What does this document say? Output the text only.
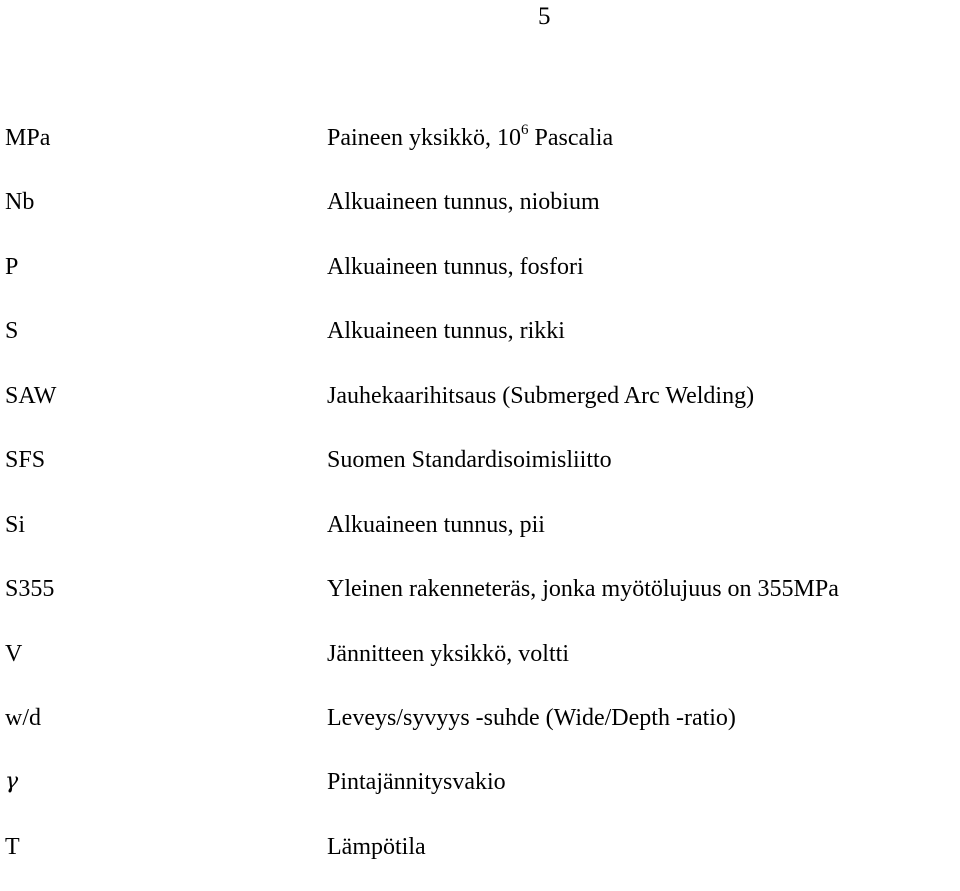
5
MPa	Paineen yksikkö, $10^6$ Pascalia
Nb	Alkuaineen tunnus, niobium
P	Alkuaineen tunnus, fosfori
S	Alkuaineen tunnus, rikki
SAW	Jauhekaarihitsaus (Submerged Arc Welding)
SFS	Suomen Standardisoimisliitto
Si	Alkuaineen tunnus, pii
S355	Yleinen rakenneteräs, jonka myötölujuus on 355MPa
V	Jännitteen yksikkö, voltti
w/d	Leveys/syvyys -suhde (Wide/Depth -ratio)
γ	Pintajännitysvakio
T	Lämpötila
